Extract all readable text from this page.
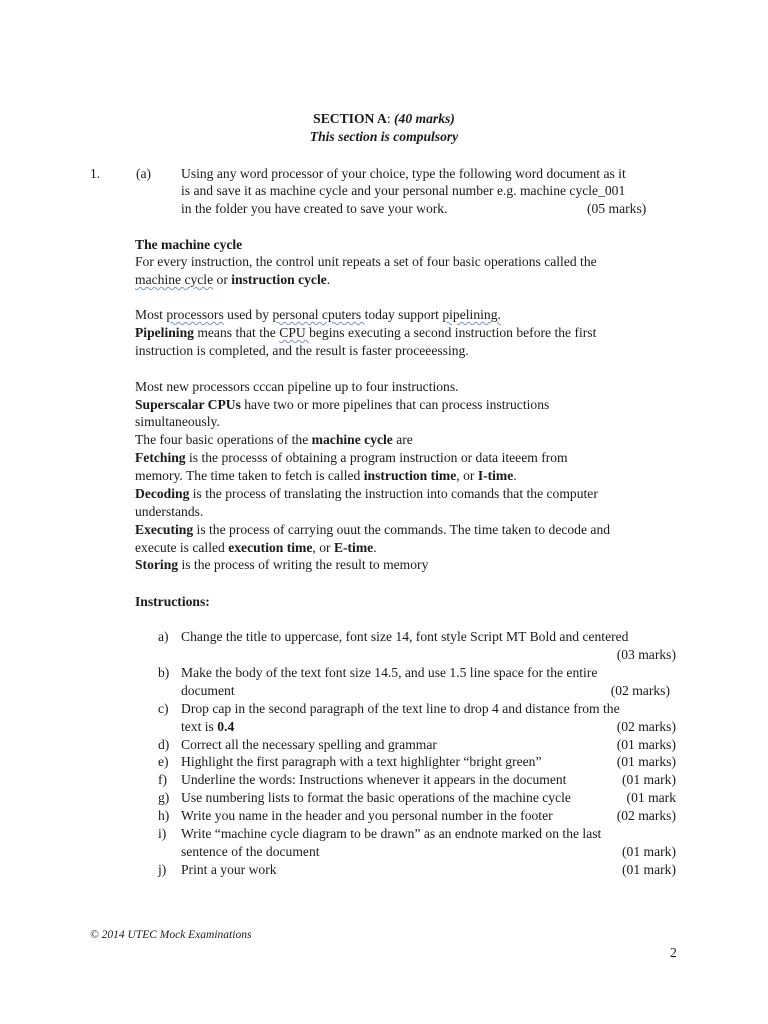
SECTION A: (40 marks)
This section is compulsory
1.	(a) Using any word processor of your choice, type the following word document as it
is and save it as machine cycle and your personal number e.g. machine cycle_001
in the folder you have created to save your work.	(05 marks)
The machine cycle
For every instruction, the control unit repeats a set of four basic operations called the
machine cycle or instruction cycle.
Most processors used by personal cputers today support pipelining.
Pipelining means that the CPU begins executing a second instruction before the first
instruction is completed, and the result is faster proceeessing.
Most new processors cccan pipeline up to four instructions.
Superscalar CPUs have two or more pipelines that can process instructions
simultaneously.
The four basic operations of the machine cycle are
Fetching is the processs of obtaining a program instruction or data iteeem from
memory. The time taken to fetch is called instruction time, or I-time.
Decoding is the process of translating the instruction into comands that the computer
understands.
Executing is the process of carrying ouut the commands. The time taken to decode and
execute is called execution time, or E-time.
Storing is the process of writing the result to memory
Instructions:
a) Change the title to uppercase, font size 14, font style Script MT Bold and centered
(03 marks)
b) Make the body of the text font size 14.5, and use 1.5 line space for the entire
document	(02 marks)
c) Drop cap in the second paragraph of the text line to drop 4 and distance from the
text is 0.4	(02 marks)
d) Correct all the necessary spelling and grammar	(01 marks)
e) Highlight the first paragraph with a text highlighter “bright green”	(01 marks)
f) Underline the words: Instructions whenever it appears in the document	(01 mark)
g) Use numbering lists to format the basic operations of the machine cycle	(01 mark
h) Write you name in the header and you personal number in the footer	(02 marks)
i) Write “machine cycle diagram to be drawn” as an endnote marked on the last
sentence of the document	(01 mark)
j) Print a your work	(01 mark)
© 2014 UTEC Mock Examinations
2
